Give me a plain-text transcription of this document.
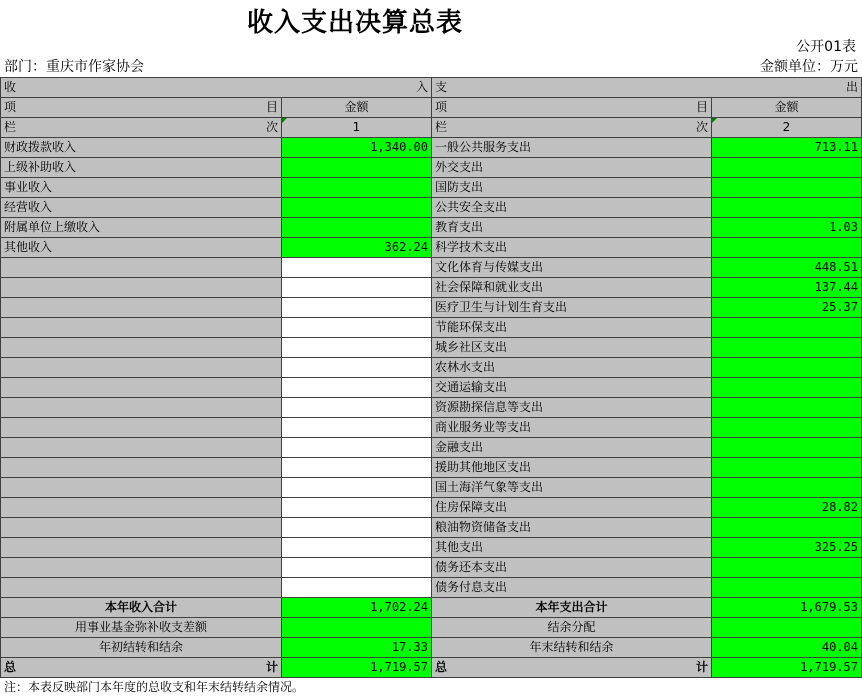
收入支出决算总表
公开01表
部门：重庆市作家协会	金额单位：万元
收 入		支 出	

项 目	金额	项 目	金额

栏 次	1	栏 次	2
财政拨款收入	1,340.00	一般公共服务支出	713.11
上级补助收入		外交支出	
事业收入		国防支出	
经营收入		公共安全支出	
附属单位上缴收入		教育支出	1.03
其他收入	362.24	科学技术支出	
		文化体育与传媒支出	448.51
		社会保障和就业支出	137.44
		医疗卫生与计划生育支出	25.37
		节能环保支出	
		城乡社区支出	
		农林水支出	
		交通运输支出	
		资源勘探信息等支出	
		商业服务业等支出	
		金融支出	
		援助其他地区支出	
		国土海洋气象等支出	
		住房保障支出	28.82
		粮油物资储备支出	
		其他支出	325.25
		债务还本支出	
		债务付息支出	
本年收入合计	1,702.24	本年支出合计	1,679.53
用事业基金弥补收支差额		结余分配	
年初结转和结余	17.33	年末结转和结余	40.04

总 计	1,719.57	总 计	1,719.57
注：本表反映部门本年度的总收支和年末结转结余情况。
